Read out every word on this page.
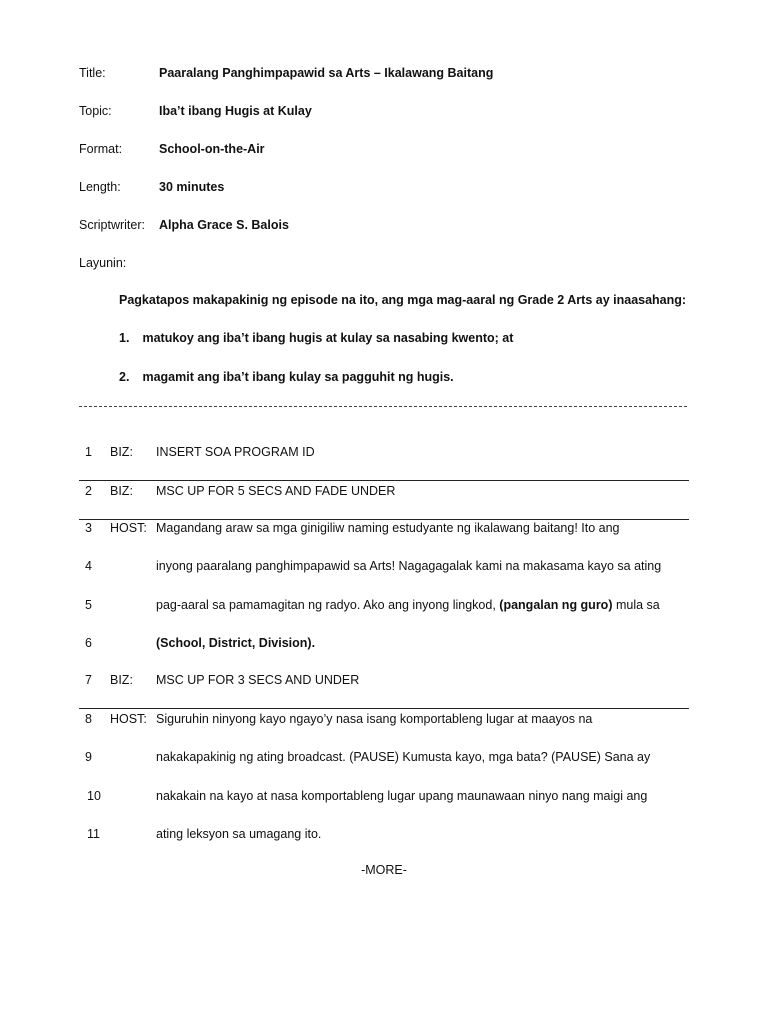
Title:	Paaralang Panghimpapawid sa Arts – Ikalawang Baitang
Topic:	Iba’t ibang Hugis at Kulay
Format:	School-on-the-Air
Length:	30 minutes
Scriptwriter: Alpha Grace S. Balois
Layunin:
Pagkatapos makapakinig ng episode na ito, ang mga mag-aaral ng Grade 2 Arts ay inaasahang:
1. matukoy ang iba’t ibang hugis at kulay sa nasabing kwento; at
2. magamit ang iba’t ibang kulay sa pagguhit ng hugis.
1	BIZ: INSERT SOA PROGRAM ID
2	BIZ: MSC UP FOR 5 SECS AND FADE UNDER
3	HOST: Magandang araw sa mga ginigiliw naming estudyante ng ikalawang baitang! Ito ang
4	inyong paaralang panghimpapawid sa Arts! Nagagagalak kami na makasama kayo sa ating
5	pag-aaral sa pamamagitan ng radyo. Ako ang inyong lingkod, (pangalan ng guro) mula sa
6	(School, District, Division).
7	BIZ: MSC UP FOR 3 SECS AND UNDER
8	HOST: Siguruhin ninyong kayo ngayo’y nasa isang komportableng lugar at maayos na
9	nakakapakinig ng ating broadcast. (PAUSE) Kumusta kayo, mga bata? (PAUSE) Sana ay
10	nakakain na kayo at nasa komportableng lugar upang maunawaan ninyo nang maigi ang
11	ating leksyon sa umagang ito.
-MORE-
